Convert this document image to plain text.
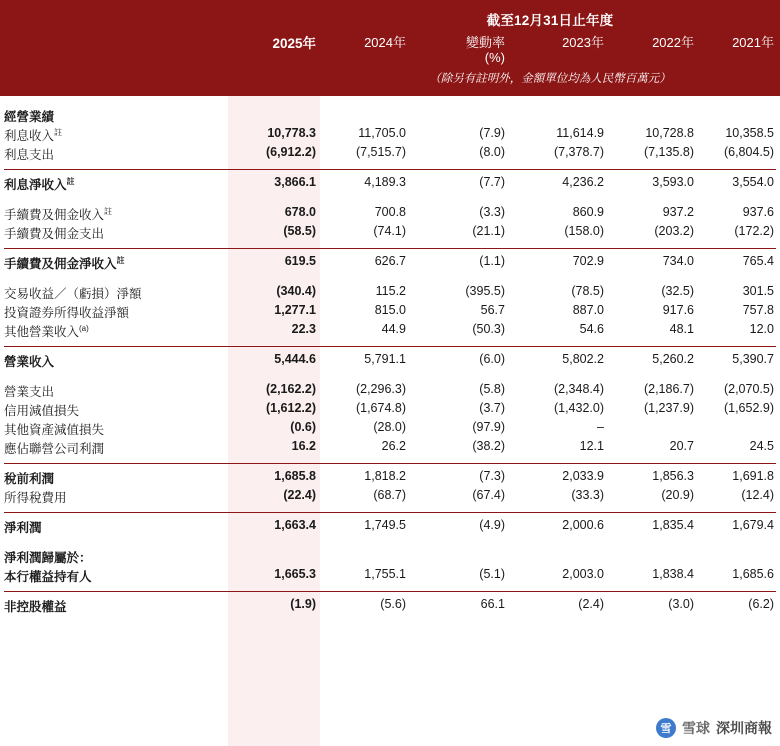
截至12月31日止年度
2025年	2024年	變動率
(%)
2023年	2022年	2021年
（除另有註明外，金額單位均為人民幣百萬元）
經營業績
利息收入$^註$	10,778.3	11,705.0	(7.9)	11,614.9	10,728.8	10,358.5
利息支出	(6,912.2)	(7,515.7)	(8.0)	(7,378.7)	(7,135.8) (6,804.5)
利息淨收入$^註$	3,866.1	4,189.3	(7.7)	4,236.2	3,593.0	3,554.0
手續費及佣金收入$^註$	678.0	700.8	(3.3)	860.9	937.2	937.6
手續費及佣金支出	(58.5)	(74.1)	(21.1)	(158.0)	(203.2)	(172.2)
手續費及佣金淨收入$^註$	619.5	626.7	(1.1)	702.9	734.0	765.4
交易收益／（虧損）淨額	(340.4)	115.2	(395.5)	(78.5)	(32.5)	301.5
投資證券所得收益淨額	1,277.1	815.0	56.7	887.0	917.6	757.8
其他營業收入$^{(a)}$	22.3	44.9	(50.3)	54.6	48.1	12.0
營業收入	5,444.6	5,791.1	(6.0)	5,802.2	5,260.2	5,390.7
營業支出	(2,162.2)	(2,296.3)	(5.8)	(2,348.4)	(2,186.7) (2,070.5)
信用減值損失	(1,612.2)	(1,674.8)	(3.7)	(1,432.0)	(1,237.9) (1,652.9)
其他資產減值損失	(0.6)	(28.0)	(97.9)	–
應佔聯營公司利潤	16.2	26.2	(38.2)	12.1	20.7	24.5
稅前利潤	1,685.8	1,818.2	(7.3)	2,033.9	1,856.3	1,691.8
所得稅費用	(22.4)	(68.7)	(67.4)	(33.3)	(20.9)	(12.4)
淨利潤	1,663.4	1,749.5	(4.9)	2,000.6	1,835.4	1,679.4
淨利潤歸屬於：
本行權益持有人	1,665.3	1,755.1	(5.1)	2,003.0	1,838.4	1,685.6
非控股權益	(1.9)	(5.6)	66.1	(2.4)	(3.0)	(6.2)
雪 雪球 深圳商報
